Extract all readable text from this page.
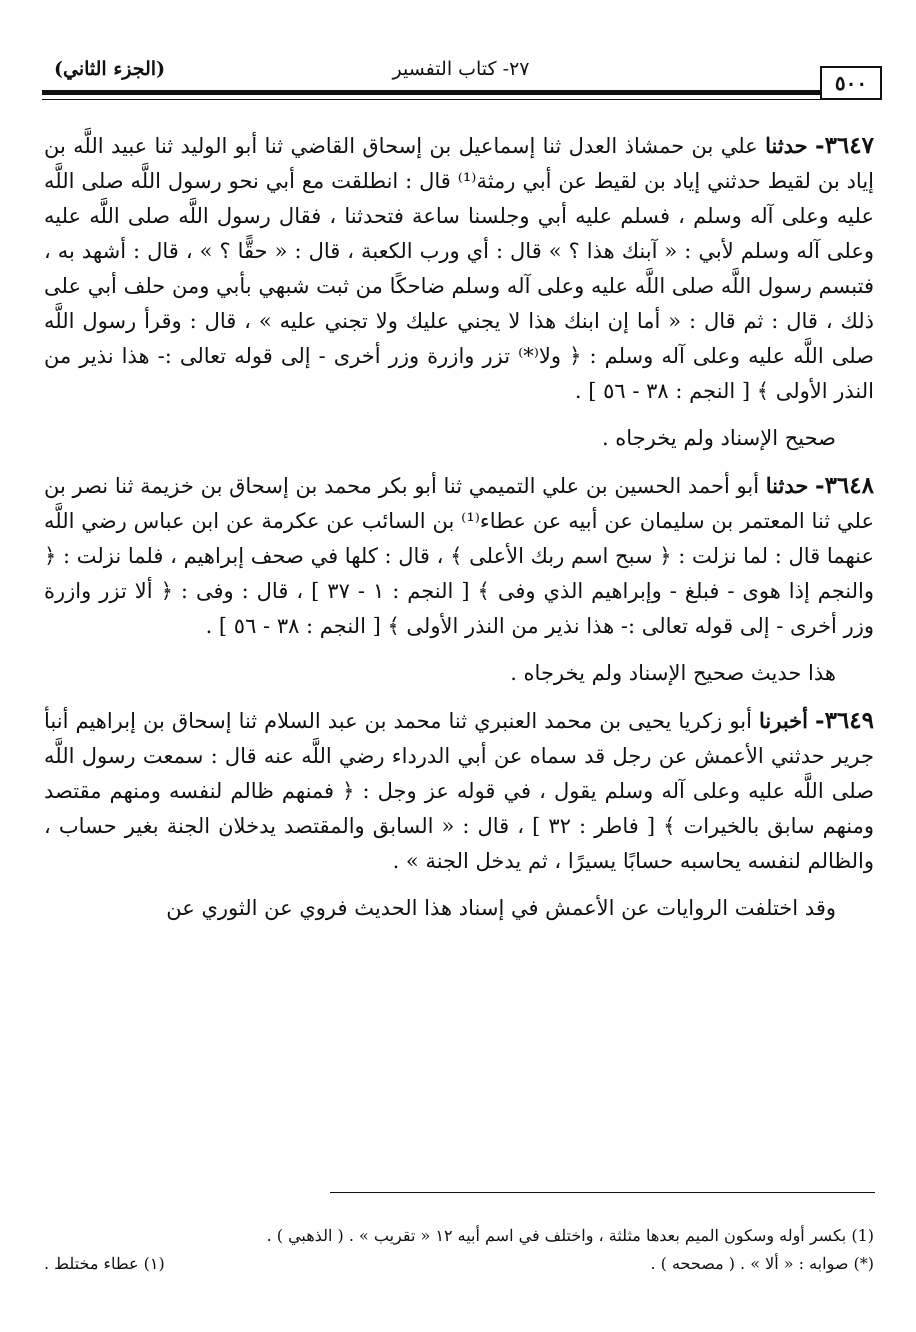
٢٧- كتاب التفسير
(الجزء الثاني)
٥٠٠

٣٦٤٧- حدثنا علي بن حمشاذ العدل ثنا إسماعيل بن إسحاق القاضي ثنا أبو الوليد ثنا عبيد اللَّه بن إياد بن لقيط حدثني إياد بن لقيط عن أبي رمثة⁽¹⁾ قال : انطلقت مع أبي نحو رسول اللَّه صلى اللَّه عليه وعلى آله وسلم ، فسلم عليه أبي وجلسنا ساعة فتحدثنا ، فقال رسول اللَّه صلى اللَّه عليه وعلى آله وسلم لأبي : « آبنك هذا ؟ » قال : أي ورب الكعبة ، قال : « حقًّا ؟ » ، قال : أشهد به ، فتبسم رسول اللَّه صلى اللَّه عليه وعلى آله وسلم ضاحكًا من ثبت شبهي بأبي ومن حلف أبي على ذلك ، قال : ثم قال : « أما إن ابنك هذا لا يجني عليك ولا تجني عليه » ، قال : وقرأ رسول اللَّه صلى اللَّه عليه وعلى آله وسلم : ﴿ ولا⁽*⁾ تزر وازرة وزر أخرى - إلى قوله تعالى :- هذا نذير من النذر الأولى ﴾ [ النجم : ٣٨ - ٥٦ ] .

صحيح الإسناد ولم يخرجاه .

٣٦٤٨- حدثنا أبو أحمد الحسين بن علي التميمي ثنا أبو بكر محمد بن إسحاق بن خزيمة ثنا نصر بن علي ثنا المعتمر بن سليمان عن أبيه عن عطاء⁽¹⁾ بن السائب عن عكرمة عن ابن عباس رضي اللَّه عنهما قال : لما نزلت : ﴿ سبح اسم ربك الأعلى ﴾ ، قال : كلها في صحف إبراهيم ، فلما نزلت : ﴿ والنجم إذا هوى - فبلغ - وإبراهيم الذي وفى ﴾ [ النجم : ١ - ٣٧ ] ، قال : وفى : ﴿ ألا تزر وازرة وزر أخرى - إلى قوله تعالى :- هذا نذير من النذر الأولى ﴾ [ النجم : ٣٨ - ٥٦ ] .

هذا حديث صحيح الإسناد ولم يخرجاه .

٣٦٤٩- أخبرنا أبو زكريا يحيى بن محمد العنبري ثنا محمد بن عبد السلام ثنا إسحاق بن إبراهيم أنبأ جرير حدثني الأعمش عن رجل قد سماه عن أبي الدرداء رضي اللَّه عنه قال : سمعت رسول اللَّه صلى اللَّه عليه وعلى آله وسلم يقول ، في قوله عز وجل : ﴿ فمنهم ظالم لنفسه ومنهم مقتصد ومنهم سابق بالخيرات ﴾ [ فاطر : ٣٢ ] ، قال : « السابق والمقتصد يدخلان الجنة بغير حساب ، والظالم لنفسه يحاسبه حسابًا يسيرًا ، ثم يدخل الجنة » .

وقد اختلفت الروايات عن الأعمش في إسناد هذا الحديث فروي عن الثوري عن

(1) بكسر أوله وسكون الميم بعدها مثلثة ، واختلف في اسم أبيه ١٢ « تقريب » . ( الذهبي ) .
(*) صوابه : « ألا » . ( مصححه ) .
(١) عطاء مختلط .
